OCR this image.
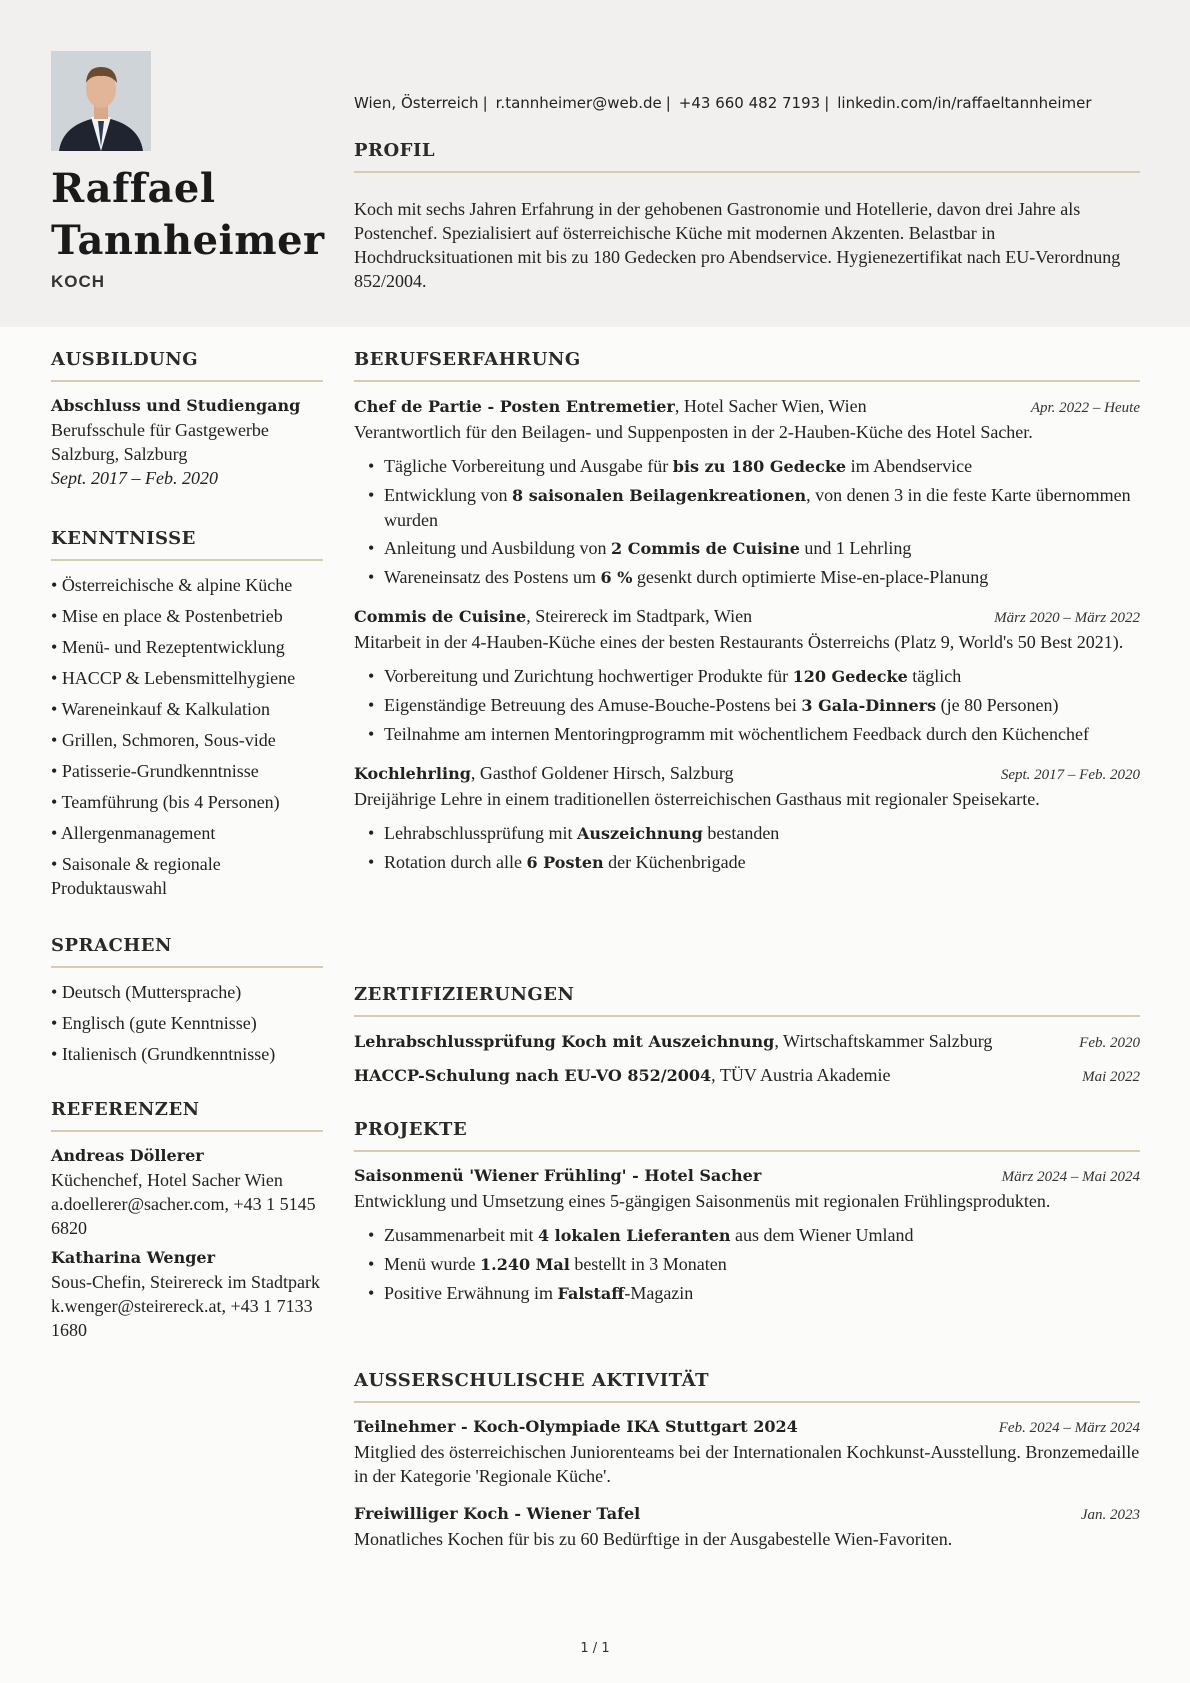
Raffael
Tannheimer
KOCH
Wien, Österreich | r.tannheimer@web.de | +43 660 482 7193 | linkedin.com/in/raffaeltannheimer
PROFIL
Koch mit sechs Jahren Erfahrung in der gehobenen Gastronomie und Hotellerie, davon drei Jahre als Postenchef. Spezialisiert auf österreichische Küche mit modernen Akzenten. Belastbar in Hochdrucksituationen mit bis zu 180 Gedecken pro Abendservice. Hygienezertifikat nach EU-Verordnung 852/2004.
AUSBILDUNG
Abschluss und Studiengang
Berufsschule für Gastgewerbe Salzburg, Salzburg
Sept. 2017 – Feb. 2020
KENNTNISSE
• Österreichische & alpine Küche
• Mise en place & Postenbetrieb
• Menü- und Rezeptentwicklung
• HACCP & Lebensmittelhygiene
• Wareneinkauf & Kalkulation
• Grillen, Schmoren, Sous-vide
• Patisserie-Grundkenntnisse
• Teamführung (bis 4 Personen)
• Allergenmanagement
• Saisonale & regionale Produktauswahl
SPRACHEN
• Deutsch (Muttersprache)
• Englisch (gute Kenntnisse)
• Italienisch (Grundkenntnisse)
REFERENZEN
Andreas Döllerer
Küchenchef, Hotel Sacher Wien
a.doellerer@sacher.com, +43 1 5145 6820
Katharina Wenger
Sous-Chefin, Steirereck im Stadtpark
k.wenger@steirereck.at, +43 1 7133 1680
BERUFSERFAHRUNG
Chef de Partie - Posten Entremetier, Hotel Sacher Wien, Wien	Apr. 2022 – Heute
Verantwortlich für den Beilagen- und Suppenposten in der 2-Hauben-Küche des Hotel Sacher.
• Tägliche Vorbereitung und Ausgabe für bis zu 180 Gedecke im Abendservice
• Entwicklung von 8 saisonalen Beilagenkreationen, von denen 3 in die feste Karte übernommen wurden
• Anleitung und Ausbildung von 2 Commis de Cuisine und 1 Lehrling
• Wareneinsatz des Postens um 6 % gesenkt durch optimierte Mise-en-place-Planung
Commis de Cuisine, Steirereck im Stadtpark, Wien	März 2020 – März 2022
Mitarbeit in der 4-Hauben-Küche eines der besten Restaurants Österreichs (Platz 9, World's 50 Best 2021).
• Vorbereitung und Zurichtung hochwertiger Produkte für 120 Gedecke täglich
• Eigenständige Betreuung des Amuse-Bouche-Postens bei 3 Gala-Dinners (je 80 Personen)
• Teilnahme am internen Mentoringprogramm mit wöchentlichem Feedback durch den Küchenchef
Kochlehrling, Gasthof Goldener Hirsch, Salzburg	Sept. 2017 – Feb. 2020
Dreijährige Lehre in einem traditionellen österreichischen Gasthaus mit regionaler Speisekarte.
• Lehrabschlussprüfung mit Auszeichnung bestanden
• Rotation durch alle 6 Posten der Küchenbrigade
ZERTIFIZIERUNGEN
Lehrabschlussprüfung Koch mit Auszeichnung, Wirtschaftskammer Salzburg	Feb. 2020
HACCP-Schulung nach EU-VO 852/2004, TÜV Austria Akademie	Mai 2022
PROJEKTE
Saisonmenü 'Wiener Frühling' - Hotel Sacher	März 2024 – Mai 2024
Entwicklung und Umsetzung eines 5-gängigen Saisonmenüs mit regionalen Frühlingsprodukten.
• Zusammenarbeit mit 4 lokalen Lieferanten aus dem Wiener Umland
• Menü wurde 1.240 Mal bestellt in 3 Monaten
• Positive Erwähnung im Falstaff-Magazin
AUSSERSCHULISCHE AKTIVITÄT
Teilnehmer - Koch-Olympiade IKA Stuttgart 2024	Feb. 2024 – März 2024
Mitglied des österreichischen Juniorenteams bei der Internationalen Kochkunst-Ausstellung. Bronzemedaille in der Kategorie 'Regionale Küche'.
Freiwilliger Koch - Wiener Tafel	Jan. 2023
Monatliches Kochen für bis zu 60 Bedürftige in der Ausgabestelle Wien-Favoriten.
1 / 1
